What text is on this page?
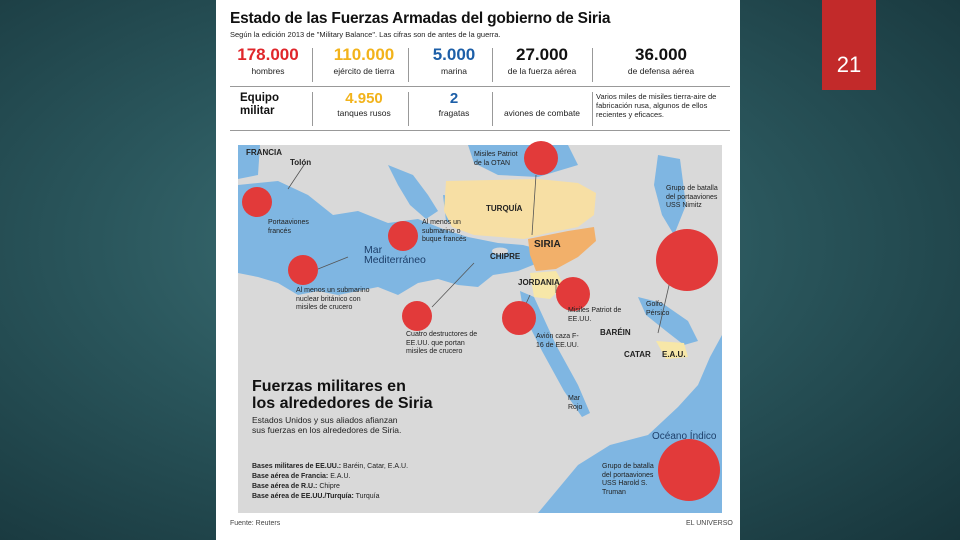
21
Estado de las Fuerzas Armadas del gobierno de Siria
Según la edición 2013 de "Military Balance". Las cifras son de antes de la guerra.
178.000
hombres
110.000
ejército de tierra
5.000
marina
27.000
de la fuerza aérea
36.000
de defensa aérea
Equipo
militar
4.950
tanques rusos
2
fragatas	aviones de combate
Varios miles de misiles tierra-aire de fabricación rusa, algunos de ellos recientes y eficaces.
FRANCIA
Tolón
Portaaviones francés
Al menos un submarino o buque francés
Mar
Mediterráneo
Al menos un submarino nuclear británico con misiles de crucero
Cuatro destructores de EE.UU. que portan misiles de crucero
CHIPRE
Misiles Patriot de la OTAN
TURQUÍA
SIRIA
JORDANIA
Misiles Patriot de EE.UU.
Avión caza F-16 de EE.UU.
Grupo de batalla del portaaviones USS Nimitz
Golfo Pérsico
BARÉIN
CATAR E.A.U.
Mar Rojo
Océano Índico
Grupo de batalla del portaaviones USS Harold S. Truman
Fuerzas militares en
los alrededores de Siria
Estados Unidos y sus aliados afianzan sus fuerzas en los alrededores de Siria.
Bases militares de EE.UU.: Baréin, Catar, E.A.U.
Base aérea de Francia: E.A.U.
Base aérea de R.U.: Chipre
Base aérea de EE.UU./Turquía: Turquía
Fuente: Reuters	EL UNIVERSO
